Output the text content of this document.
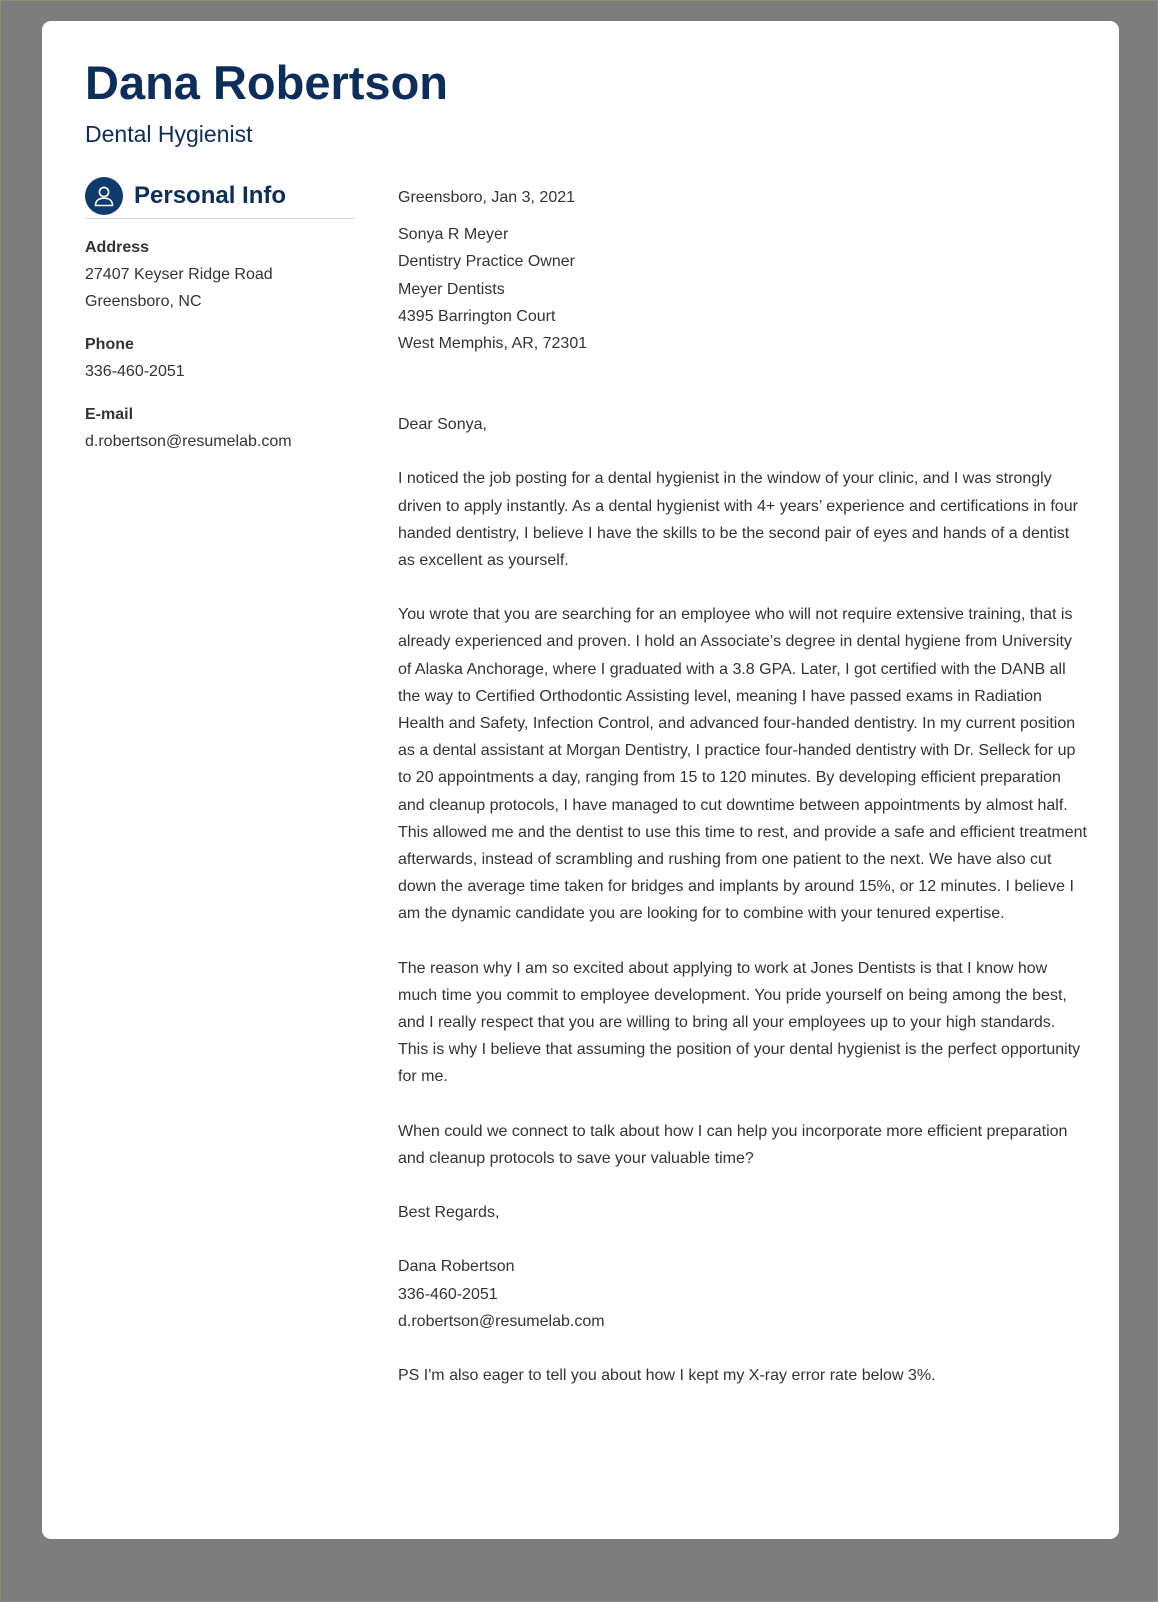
Dana Robertson
Dental Hygienist
Personal Info
Address
27407 Keyser Ridge Road
Greensboro, NC
Phone
336-460-2051
E-mail
d.robertson@resumelab.com

Greensboro, Jan 3, 2021

Sonya R Meyer

Dentistry Practice Owner

Meyer Dentists

4395 Barrington Court

West Memphis, AR, 72301

Dear Sonya,

I noticed the job posting for a dental hygienist in the window of your clinic, and I was strongly driven to apply instantly. As a dental hygienist with 4+ years’ experience and certifications in four handed dentistry, I believe I have the skills to be the second pair of eyes and hands of a dentist as excellent as yourself.

You wrote that you are searching for an employee who will not require extensive training, that is already experienced and proven. I hold an Associate’s degree in dental hygiene from University of Alaska Anchorage, where I graduated with a 3.8 GPA. Later, I got certified with the DANB all the way to Certified Orthodontic Assisting level, meaning I have passed exams in Radiation Health and Safety, Infection Control, and advanced four-handed dentistry. In my current position as a dental assistant at Morgan Dentistry, I practice four-handed dentistry with Dr. Selleck for up to 20 appointments a day, ranging from 15 to 120 minutes. By developing efficient preparation and cleanup protocols, I have managed to cut downtime between appointments by almost half. This allowed me and the dentist to use this time to rest, and provide a safe and efficient treatment afterwards, instead of scrambling and rushing from one patient to the next. We have also cut down the average time taken for bridges and implants by around 15%, or 12 minutes. I believe I am the dynamic candidate you are looking for to combine with your tenured expertise.

The reason why I am so excited about applying to work at Jones Dentists is that I know how much time you commit to employee development. You pride yourself on being among the best, and I really respect that you are willing to bring all your employees up to your high standards. This is why I believe that assuming the position of your dental hygienist is the perfect opportunity for me.

When could we connect to talk about how I can help you incorporate more efficient preparation and cleanup protocols to save your valuable time?

Best Regards,

Dana Robertson

336-460-2051

d.robertson@resumelab.com

PS I'm also eager to tell you about how I kept my X-ray error rate below 3%.
